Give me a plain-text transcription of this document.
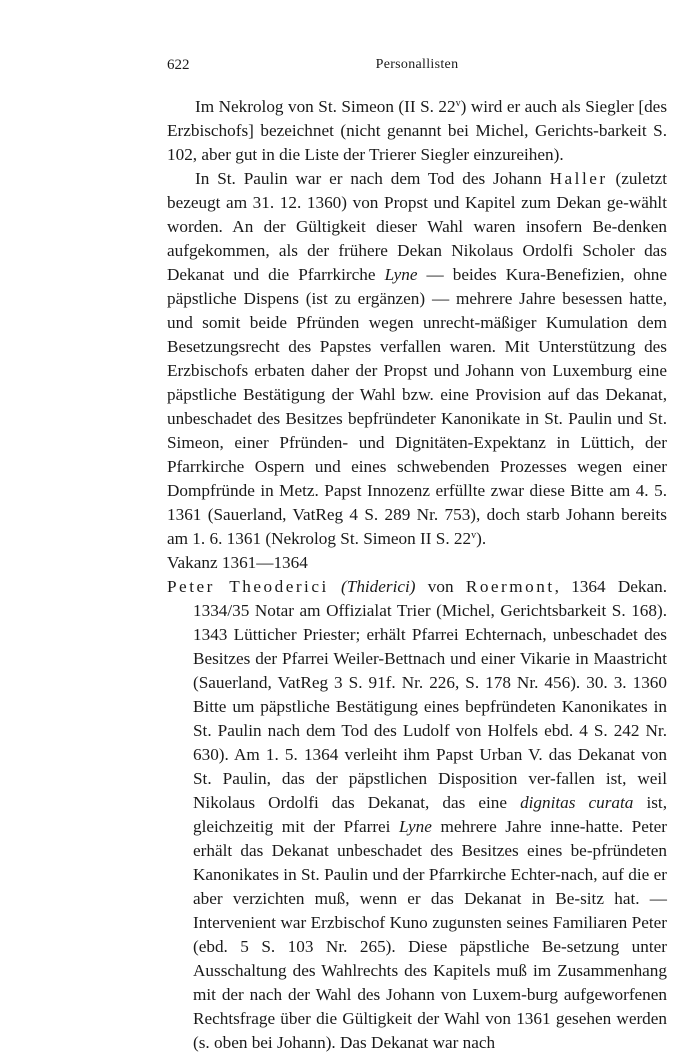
622	Personallisten

Im Nekrolog von St. Simeon (II S. 22$^v$) wird er auch als Siegler [des Erzbischofs] bezeichnet (nicht genannt bei Michel, Gerichts-barkeit S. 102, aber gut in die Liste der Trierer Siegler einzureihen).

In St. Paulin war er nach dem Tod des Johann Haller (zuletzt bezeugt am 31. 12. 1360) von Propst und Kapitel zum Dekan ge-wählt worden. An der Gültigkeit dieser Wahl waren insofern Be-denken aufgekommen, als der frühere Dekan Nikolaus Ordolfi Scholer das Dekanat und die Pfarrkirche Lyne — beides Kura-Benefizien, ohne päpstliche Dispens (ist zu ergänzen) — mehrere Jahre besessen hatte, und somit beide Pfründen wegen unrecht-mäßiger Kumulation dem Besetzungsrecht des Papstes verfallen waren. Mit Unterstützung des Erzbischofs erbaten daher der Propst und Johann von Luxemburg eine päpstliche Bestätigung der Wahl bzw. eine Provision auf das Dekanat, unbeschadet des Besitzes bepfründeter Kanonikate in St. Paulin und St. Simeon, einer Pfründen- und Dignitäten-Expektanz in Lüttich, der Pfarrkirche Ospern und eines schwebenden Prozesses wegen einer Dompfründe in Metz. Papst Innozenz erfüllte zwar diese Bitte am 4. 5. 1361 (Sauerland, VatReg 4 S. 289 Nr. 753), doch starb Johann bereits am 1. 6. 1361 (Nekrolog St. Simeon II S. 22$^v$).

Vakanz 1361—1364

Peter Theoderici (Thiderici) von Roermont, 1364 Dekan. 1334/35 Notar am Offizialat Trier (Michel, Gerichtsbarkeit S. 168). 1343 Lütticher Priester; erhält Pfarrei Echternach, unbeschadet des Besitzes der Pfarrei Weiler-Bettnach und einer Vikarie in Maastricht (Sauerland, VatReg 3 S. 91f. Nr. 226, S. 178 Nr. 456). 30. 3. 1360 Bitte um päpstliche Bestätigung eines bepfründeten Kanonikates in St. Paulin nach dem Tod des Ludolf von Holfels ebd. 4 S. 242 Nr. 630). Am 1. 5. 1364 verleiht ihm Papst Urban V. das Dekanat von St. Paulin, das der päpstlichen Disposition ver-fallen ist, weil Nikolaus Ordolfi das Dekanat, das eine dignitas curata ist, gleichzeitig mit der Pfarrei Lyne mehrere Jahre inne-hatte. Peter erhält das Dekanat unbeschadet des Besitzes eines be-pfründeten Kanonikates in St. Paulin und der Pfarrkirche Echter-nach, auf die er aber verzichten muß, wenn er das Dekanat in Be-sitz hat. — Intervenient war Erzbischof Kuno zugunsten seines Familiaren Peter (ebd. 5 S. 103 Nr. 265). Diese päpstliche Be-setzung unter Ausschaltung des Wahlrechts des Kapitels muß im Zusammenhang mit der nach der Wahl des Johann von Luxem-burg aufgeworfenen Rechtsfrage über die Gültigkeit der Wahl von 1361 gesehen werden (s. oben bei Johann). Das Dekanat war nach
